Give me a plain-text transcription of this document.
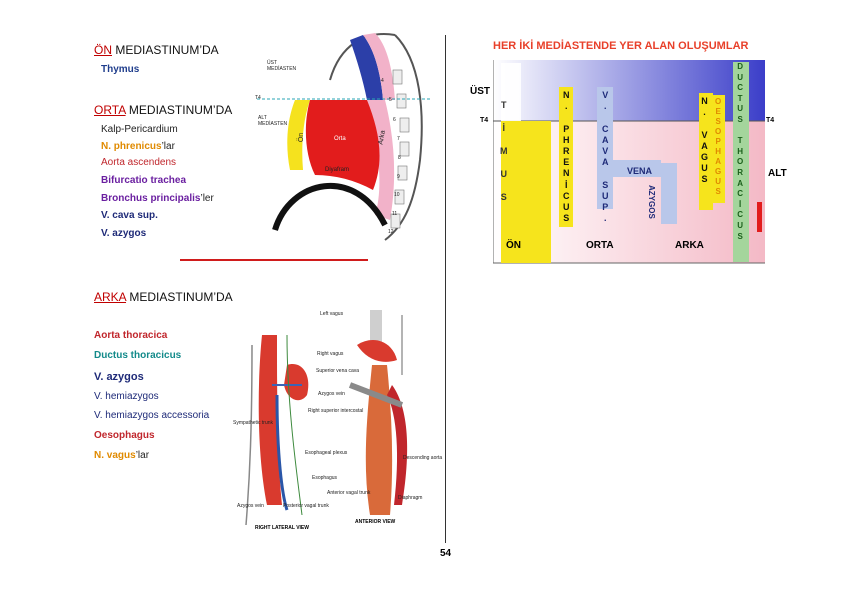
ÖN MEDIASTINUM’DA
Thymus
ORTA MEDIASTINUM’DA
Kalp-Pericardium
N. phrenicus’lar
Aorta ascendens
Bifurcatio trachea
Bronchus principalis’ler
V. cava sup.
V. azygos
ARKA MEDIASTINUM’DA
Aorta thoracica
Ductus thoracicus
V. azygos
V. hemiazygos
V. hemiazygos accessoria
Oesophagus
N. vagus’lar
ÜST
MEDİASTEN
T4
ALT
MEDİASTEN
Ön	Orta	Arka
Diyafram
4
5
6
7
8
9
10
11
12
HER İKİ MEDİASTENDE YER ALAN OLUŞUMLAR
ÜST
T4	T4
ALT
T
İ
M
U
S
N
.

P
H
R
E
N
İ
C
U
S
V
.

C
A
V
A

S
U
P
.
VENA
AZYGOS
N
.

V
A
G
U
S
O
E
S
O
P
H
A
G
U
S
D
U
C
T
U
S

T
H
O
R
A
C
İ
C
U
S
ÖN	ORTA	ARKA
Left vagus
Right vagus
Superior vena cava
Azygos vein
Right superior intercostal
Esophageal plexus
Esophagus
Anterior vagal trunk
Posterior vagal trunk
Azygos vein
Diaphragm
Descending aorta
Sympathetic trunk
RIGHT LATERAL VIEW
ANTERIOR VIEW
54
